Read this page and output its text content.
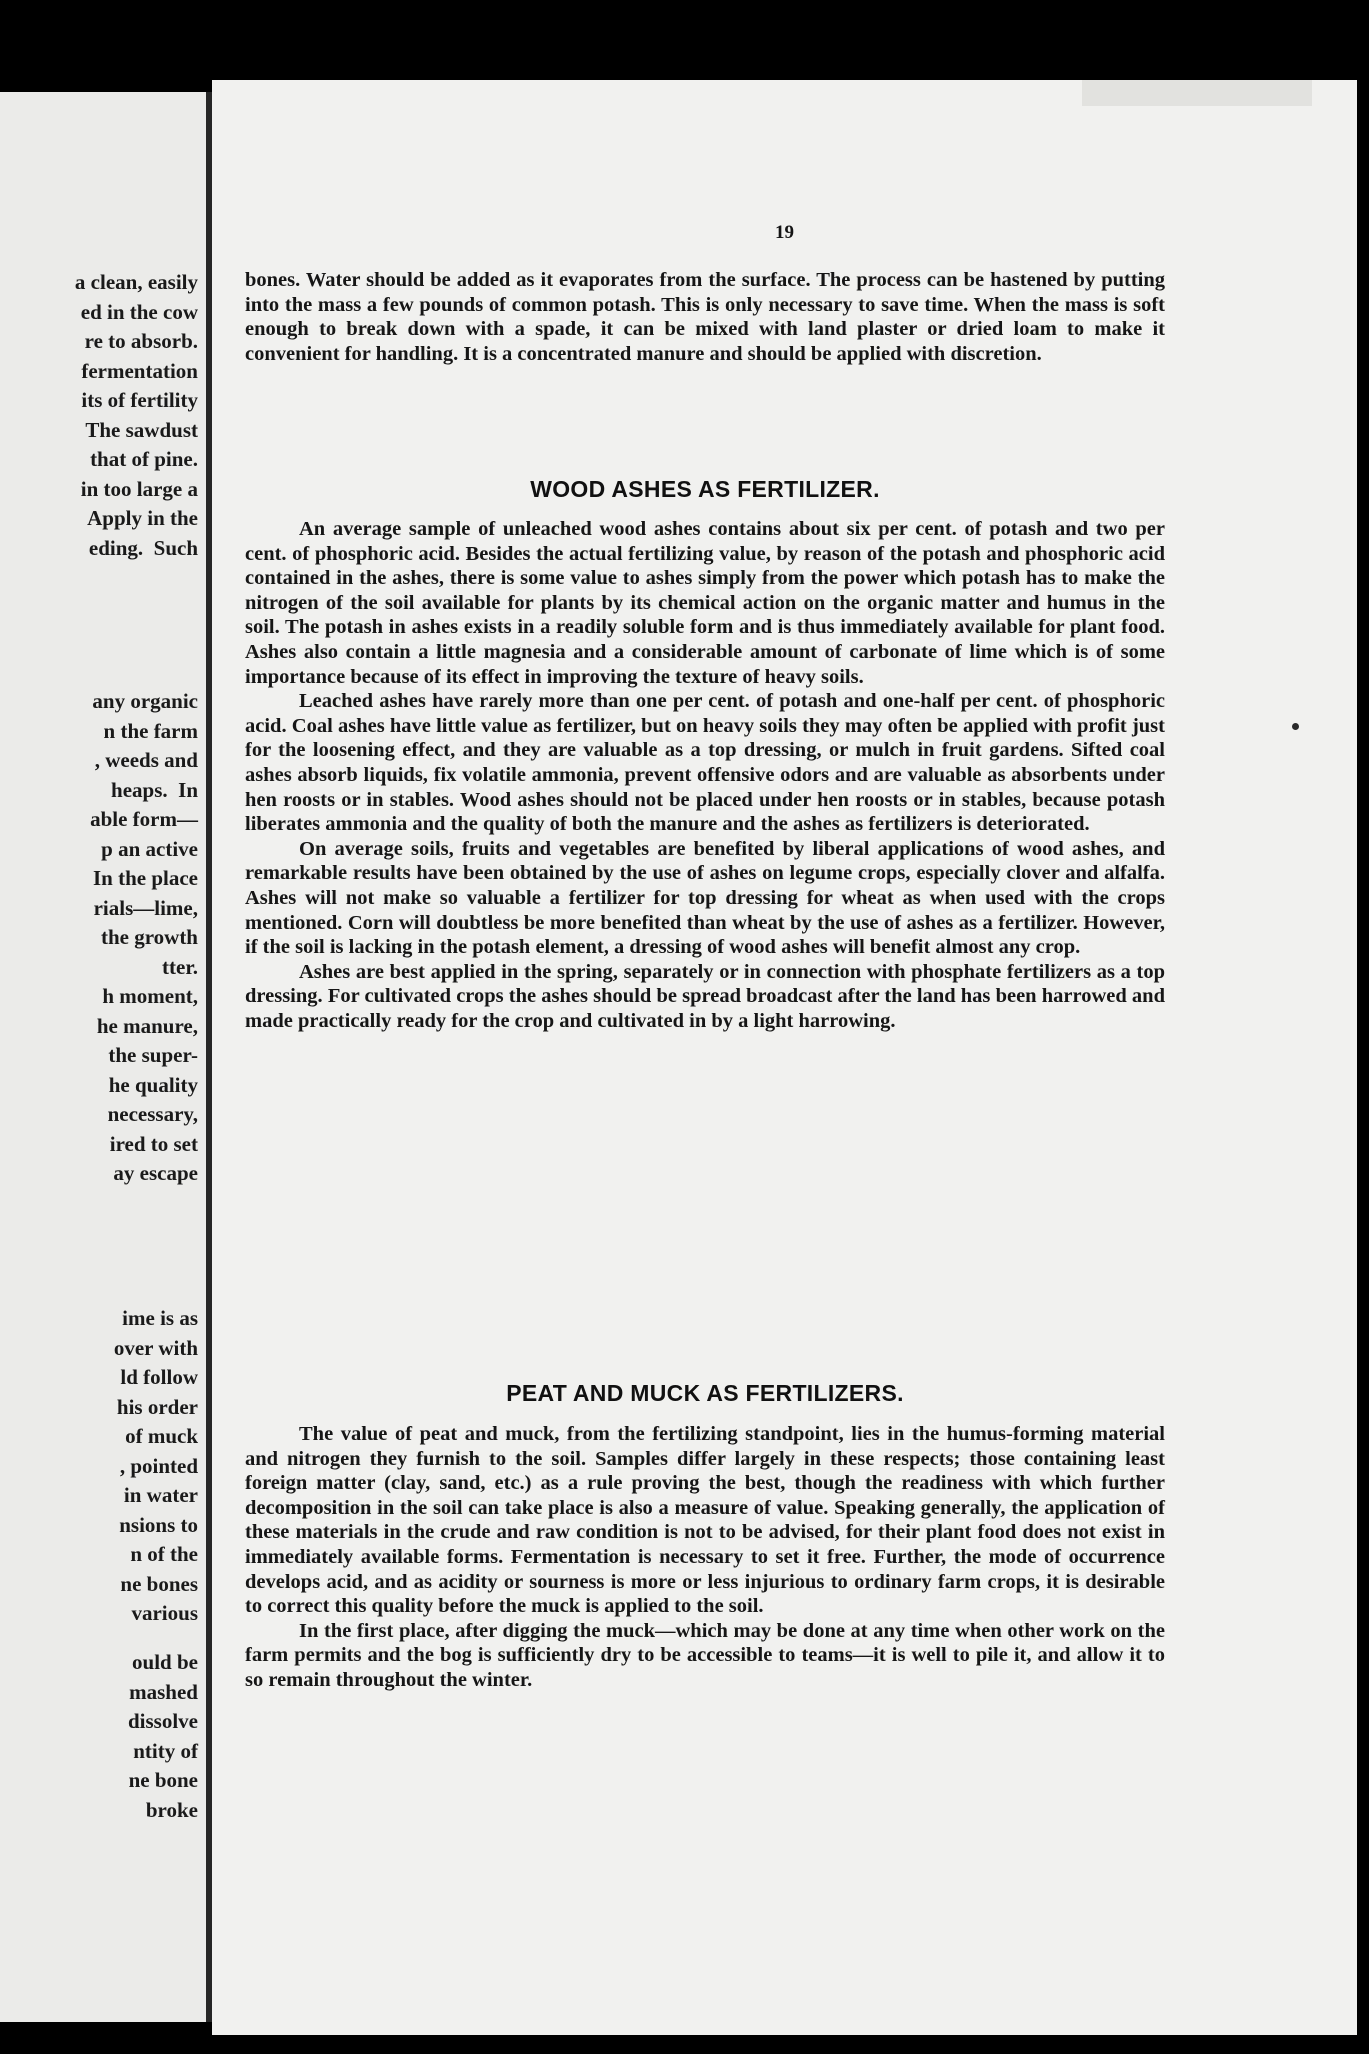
a clean, easily
ed in the cow
re to absorb.
fermentation
its of fertility
The sawdust
that of pine.
in too large a
Apply in the
eding.  Such
any organic
n the farm
, weeds and
heaps.  In
able form—
p an active
In the place
rials—lime,
the growth
tter.
h moment,
he manure,
the super-
he quality
necessary,
ired to set
ay escape
ime is as
over with
ld follow
his order
of muck
, pointed
in water
nsions to
n of the
ne bones
various
ould be
mashed
dissolve
ntity of
ne bone
broke
19

bones. Water should be added as it evaporates from the surface. The process can be hastened by putting into the mass a few pounds of common potash. This is only necessary to save time. When the mass is soft enough to break down with a spade, it can be mixed with land plaster or dried loam to make it convenient for handling. It is a concentrated manure and should be applied with discretion.

WOOD ASHES AS FERTILIZER.

An average sample of unleached wood ashes contains about six per cent. of potash and two per cent. of phosphoric acid. Besides the actual fertilizing value, by reason of the potash and phosphoric acid contained in the ashes, there is some value to ashes simply from the power which potash has to make the nitrogen of the soil available for plants by its chemical action on the organic matter and humus in the soil. The potash in ashes exists in a readily soluble form and is thus immediately available for plant food. Ashes also contain a little magnesia and a considerable amount of carbonate of lime which is of some importance because of its effect in improving the texture of heavy soils.

Leached ashes have rarely more than one per cent. of potash and one-half per cent. of phosphoric acid. Coal ashes have little value as fertilizer, but on heavy soils they may often be applied with profit just for the loosening effect, and they are valuable as a top dressing, or mulch in fruit gardens. Sifted coal ashes absorb liquids, fix volatile ammonia, prevent offensive odors and are valuable as absorbents under hen roosts or in stables. Wood ashes should not be placed under hen roosts or in stables, because potash liberates ammonia and the quality of both the manure and the ashes as fertilizers is deteriorated.

On average soils, fruits and vegetables are benefited by liberal applications of wood ashes, and remarkable results have been obtained by the use of ashes on legume crops, especially clover and alfalfa. Ashes will not make so valuable a fertilizer for top dressing for wheat as when used with the crops mentioned. Corn will doubtless be more benefited than wheat by the use of ashes as a fertilizer. However, if the soil is lacking in the potash element, a dressing of wood ashes will benefit almost any crop.

Ashes are best applied in the spring, separately or in connection with phosphate fertilizers as a top dressing. For cultivated crops the ashes should be spread broadcast after the land has been harrowed and made practically ready for the crop and cultivated in by a light harrowing.

PEAT AND MUCK AS FERTILIZERS.

The value of peat and muck, from the fertilizing standpoint, lies in the humus-forming material and nitrogen they furnish to the soil. Samples differ largely in these respects; those containing least foreign matter (clay, sand, etc.) as a rule proving the best, though the readiness with which further decomposition in the soil can take place is also a measure of value. Speaking generally, the application of these materials in the crude and raw condition is not to be advised, for their plant food does not exist in immediately available forms. Fermentation is necessary to set it free. Further, the mode of occurrence develops acid, and as acidity or sourness is more or less injurious to ordinary farm crops, it is desirable to correct this quality before the muck is applied to the soil.

In the first place, after digging the muck—which may be done at any time when other work on the farm permits and the bog is sufficiently dry to be accessible to teams—it is well to pile it, and allow it to so remain throughout the winter.
